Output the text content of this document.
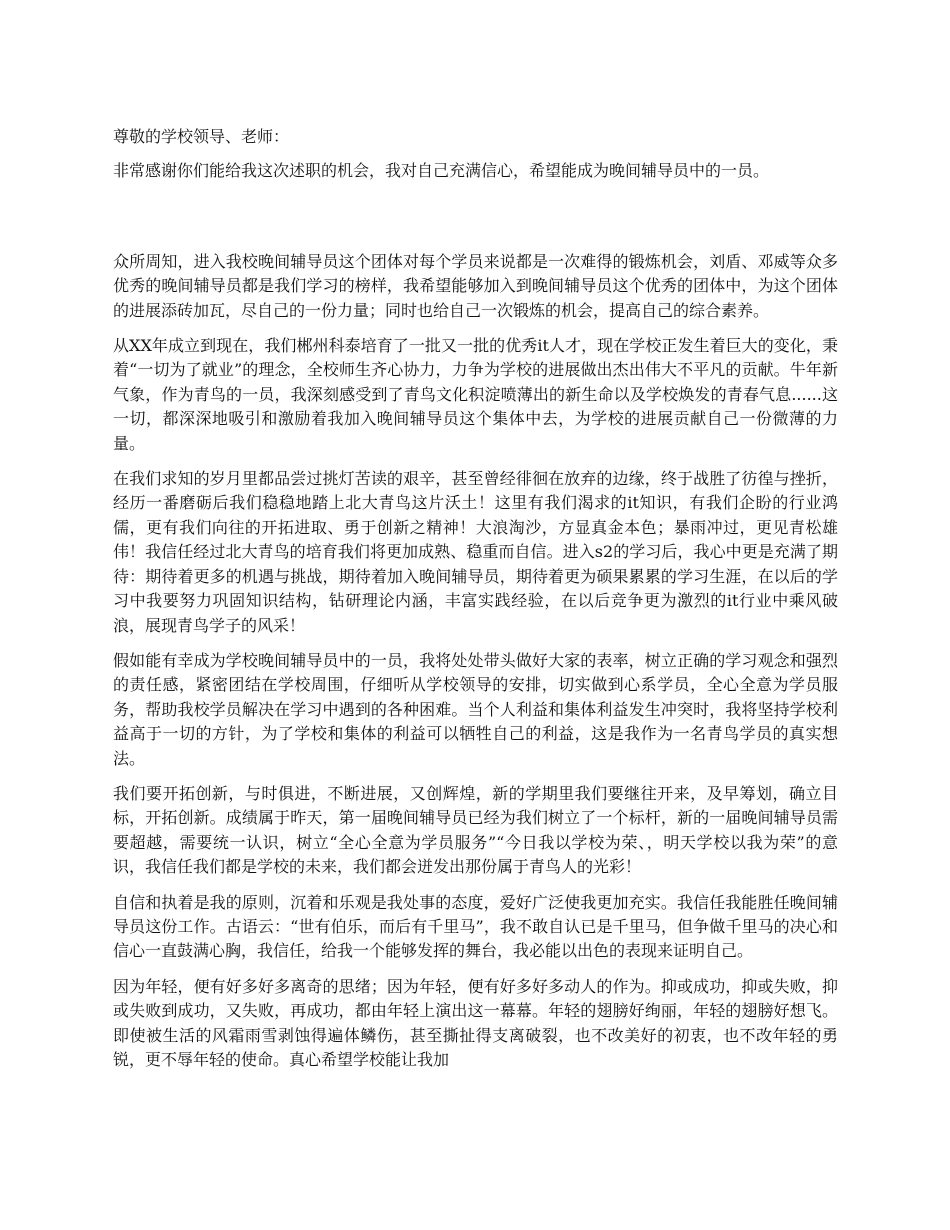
尊敬的学校领导、老师：

非常感谢你们能给我这次述职的机会，我对自己充满信心，希望能成为晚间辅导员中的一员。

众所周知，进入我校晚间辅导员这个团体对每个学员来说都是一次难得的锻炼机会，刘盾、邓威等众多优秀的晚间辅导员都是我们学习的榜样，我希望能够加入到晚间辅导员这个优秀的团体中，为这个团体的进展添砖加瓦，尽自己的一份力量；同时也给自己一次锻炼的机会，提高自己的综合素养。

从XX年成立到现在，我们郴州科泰培育了一批又一批的优秀it人才，现在学校正发生着巨大的变化，秉着“一切为了就业”的理念，全校师生齐心协力，力争为学校的进展做出杰出伟大不平凡的贡献。牛年新气象，作为青鸟的一员，我深刻感受到了青鸟文化积淀喷薄出的新生命以及学校焕发的青春气息......这一切，都深深地吸引和激励着我加入晚间辅导员这个集体中去，为学校的进展贡献自己一份微薄的力量。

在我们求知的岁月里都品尝过挑灯苦读的艰辛，甚至曾经徘徊在放弃的边缘，终于战胜了彷徨与挫折，经历一番磨砺后我们稳稳地踏上北大青鸟这片沃土！这里有我们渴求的it知识，有我们企盼的行业鸿儒，更有我们向往的开拓进取、勇于创新之精神！大浪淘沙，方显真金本色；暴雨冲过，更见青松雄伟！我信任经过北大青鸟的培育我们将更加成熟、稳重而自信。进入s2的学习后，我心中更是充满了期待：期待着更多的机遇与挑战，期待着加入晚间辅导员，期待着更为硕果累累的学习生涯，在以后的学习中我要努力巩固知识结构，钻研理论内涵，丰富实践经验，在以后竞争更为激烈的it行业中乘风破浪，展现青鸟学子的风采！

假如能有幸成为学校晚间辅导员中的一员，我将处处带头做好大家的表率，树立正确的学习观念和强烈的责任感，紧密团结在学校周围，仔细听从学校领导的安排，切实做到心系学员，全心全意为学员服务，帮助我校学员解决在学习中遇到的各种困难。当个人利益和集体利益发生冲突时，我将坚持学校利益高于一切的方针，为了学校和集体的利益可以牺牲自己的利益，这是我作为一名青鸟学员的真实想法。

我们要开拓创新，与时俱进，不断进展，又创辉煌，新的学期里我们要继往开来，及早筹划，确立目标，开拓创新。成绩属于昨天，第一届晚间辅导员已经为我们树立了一个标杆，新的一届晚间辅导员需要超越，需要统一认识，树立“全心全意为学员服务”“今日我以学校为荣、，明天学校以我为荣”的意识，我信任我们都是学校的未来，我们都会迸发出那份属于青鸟人的光彩！

自信和执着是我的原则，沉着和乐观是我处事的态度，爱好广泛使我更加充实。我信任我能胜任晚间辅导员这份工作。古语云：“世有伯乐，而后有千里马”，我不敢自认已是千里马，但争做千里马的决心和信心一直鼓满心胸，我信任，给我一个能够发挥的舞台，我必能以出色的表现来证明自己。

因为年轻，便有好多好多离奇的思绪；因为年轻，便有好多好多动人的作为。抑或成功，抑或失败，抑或失败到成功，又失败，再成功，都由年轻上演出这一幕幕。年轻的翅膀好绚丽，年轻的翅膀好想飞。即使被生活的风霜雨雪剥蚀得遍体鳞伤，甚至撕扯得支离破裂，也不改美好的初衷，也不改年轻的勇锐，更不辱年轻的使命。真心希望学校能让我加
